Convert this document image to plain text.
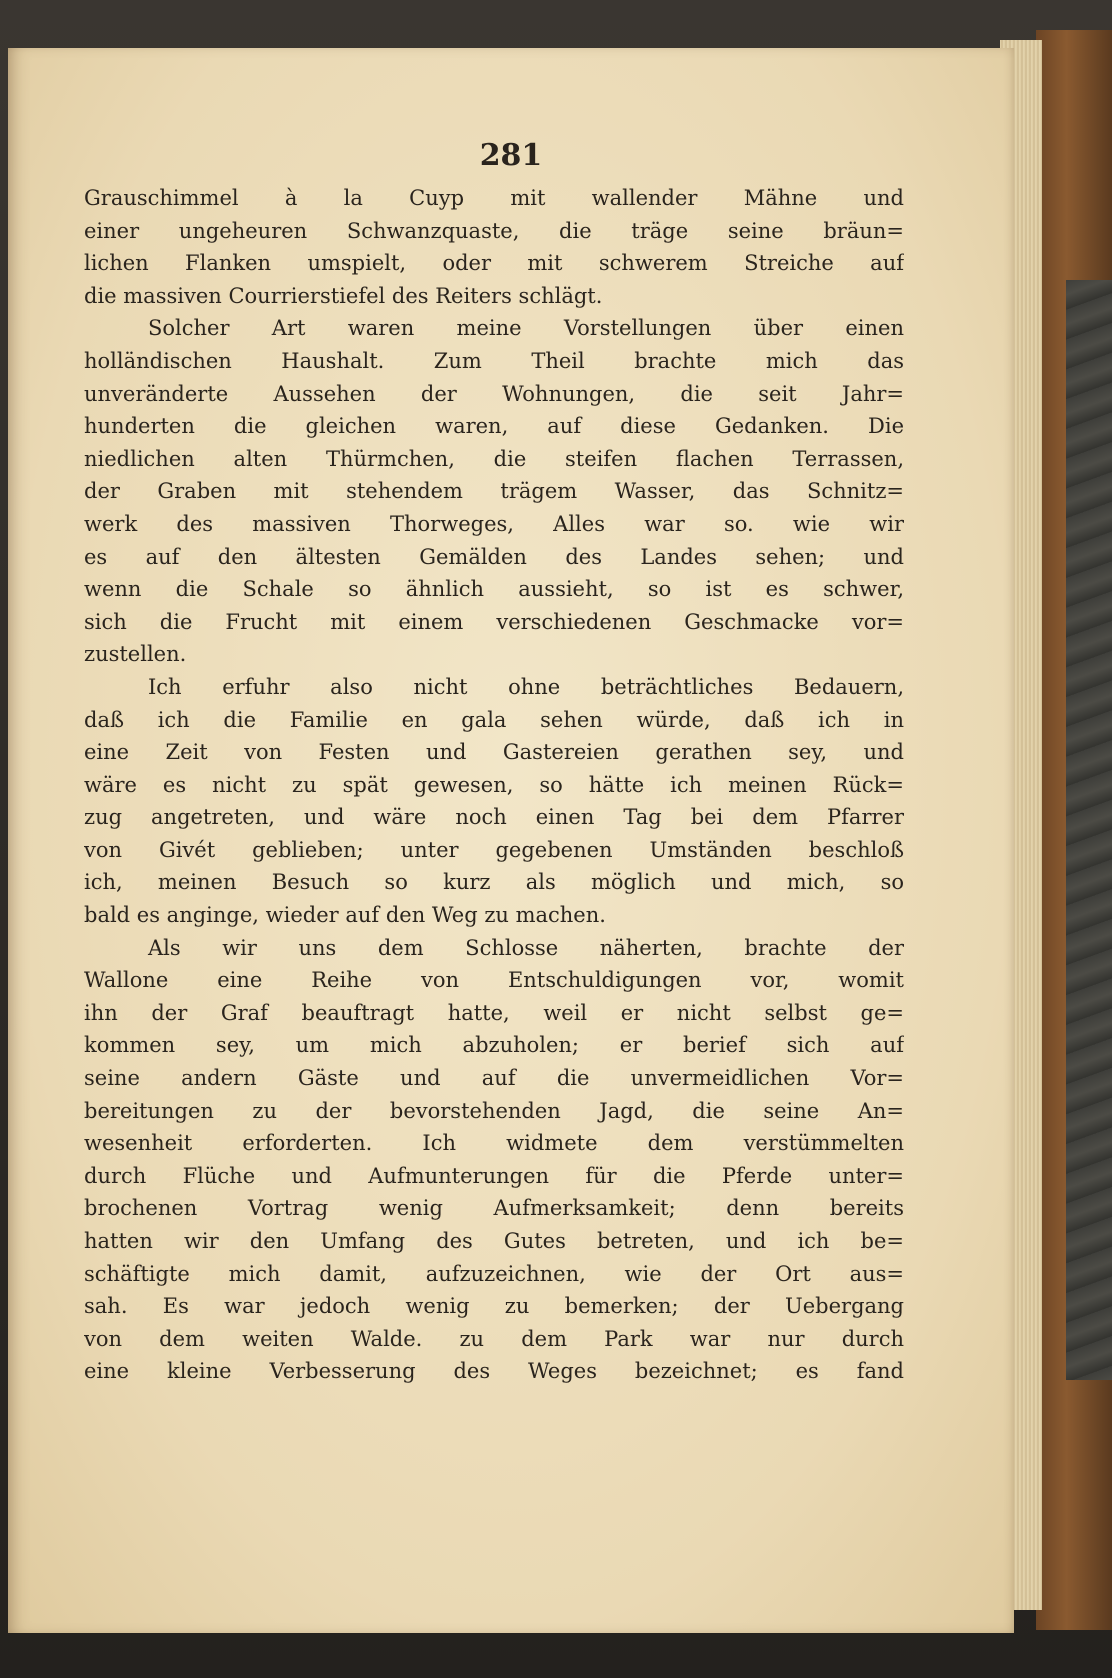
281
Grauschimmel à la Cuyp mit wallender Mähne und
einer ungeheuren Schwanzquaste, die träge seine bräun=
lichen Flanken umspielt, oder mit schwerem Streiche auf
die massiven Courrierstiefel des Reiters schlägt.
Solcher Art waren meine Vorstellungen über einen
holländischen Haushalt. Zum Theil brachte mich das
unveränderte Aussehen der Wohnungen, die seit Jahr=
hunderten die gleichen waren, auf diese Gedanken. Die
niedlichen alten Thürmchen, die steifen flachen Terrassen,
der Graben mit stehendem trägem Wasser, das Schnitz=
werk des massiven Thorweges, Alles war so. wie wir
es auf den ältesten Gemälden des Landes sehen; und
wenn die Schale so ähnlich aussieht, so ist es schwer,
sich die Frucht mit einem verschiedenen Geschmacke vor=
zustellen.
Ich erfuhr also nicht ohne beträchtliches Bedauern,
daß ich die Familie en gala sehen würde, daß ich in
eine Zeit von Festen und Gastereien gerathen sey, und
wäre es nicht zu spät gewesen, so hätte ich meinen Rück=
zug angetreten, und wäre noch einen Tag bei dem Pfarrer
von Givét geblieben; unter gegebenen Umständen beschloß
ich, meinen Besuch so kurz als möglich und mich, so
bald es anginge, wieder auf den Weg zu machen.
Als wir uns dem Schlosse näherten, brachte der
Wallone eine Reihe von Entschuldigungen vor, womit
ihn der Graf beauftragt hatte, weil er nicht selbst ge=
kommen sey, um mich abzuholen; er berief sich auf
seine andern Gäste und auf die unvermeidlichen Vor=
bereitungen zu der bevorstehenden Jagd, die seine An=
wesenheit erforderten. Ich widmete dem verstümmelten
durch Flüche und Aufmunterungen für die Pferde unter=
brochenen Vortrag wenig Aufmerksamkeit; denn bereits
hatten wir den Umfang des Gutes betreten, und ich be=
schäftigte mich damit, aufzuzeichnen, wie der Ort aus=
sah. Es war jedoch wenig zu bemerken; der Uebergang
von dem weiten Walde. zu dem Park war nur durch
eine kleine Verbesserung des Weges bezeichnet; es fand
